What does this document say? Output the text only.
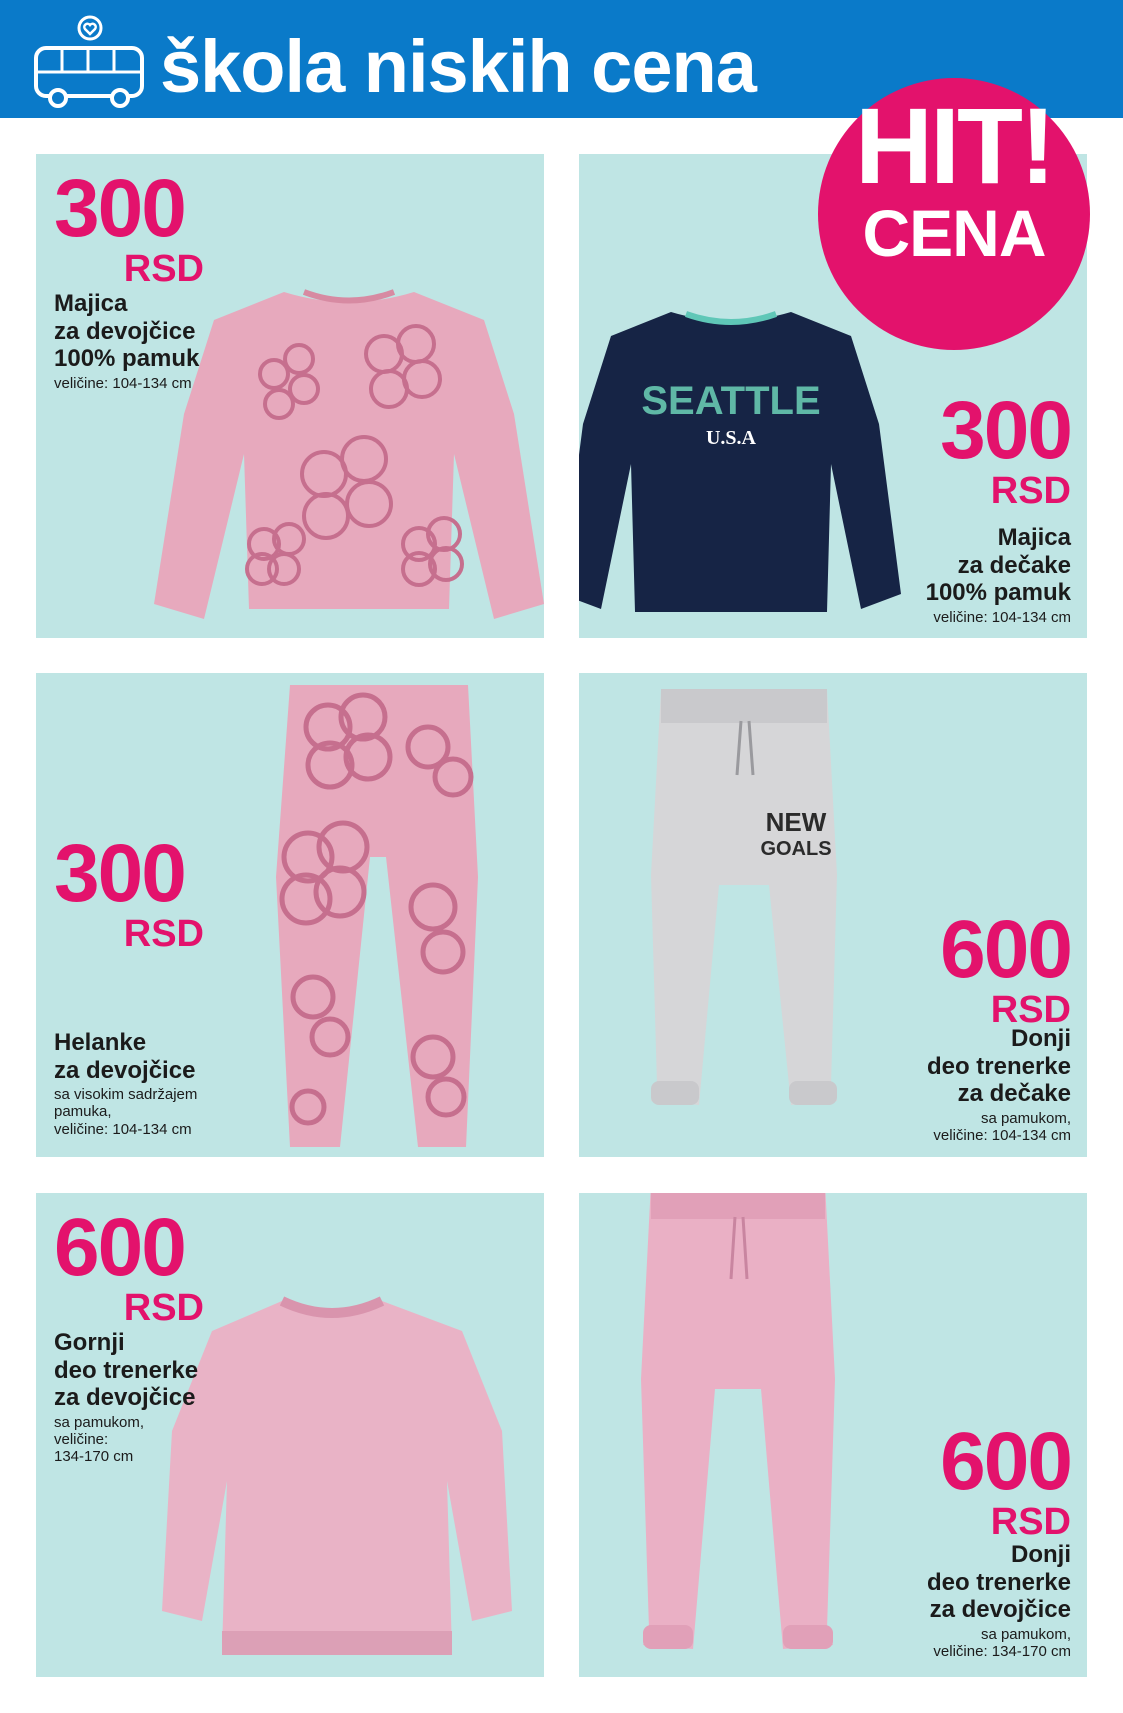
škola niskih cena
HIT!
CENA
300
RSD
Majica
za devojčice
100% pamuk
veličine: 104-134 cm	SEATTLE
U.S.A	300
RSD
Majica
za dečake
100% pamuk
veličine: 104-134 cm
300
RSD
Helanke
za devojčice
sa visokim sadržajem
pamuka,
veličine: 104-134 cm
NEW
GOALS
600
RSD
Donji
deo trenerke
za dečake
sa pamukom,
veličine: 104-134 cm
600
RSD
Gornji
deo trenerke
za devojčice
sa pamukom,
veličine:
134-170 cm	600
RSD
Donji
deo trenerke
za devojčice
sa pamukom,
veličine: 134-170 cm
